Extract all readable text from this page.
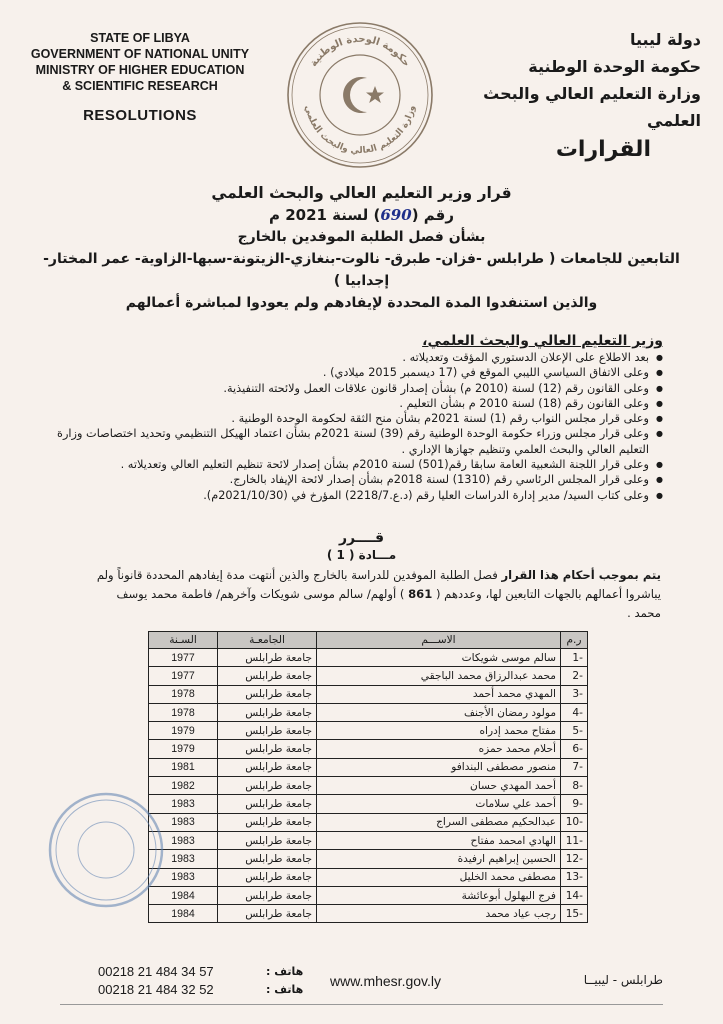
STATE OF LIBYA
GOVERNMENT OF NATIONAL UNITY
MINISTRY OF HIGHER EDUCATION
& SCIENTIFIC RESEARCH
RESOLUTIONS
حكومة الوحدة الوطنية
وزارة التعليم العالي والبحث العلمي
دولة ليبيا
حكومة الوحدة الوطنية
وزارة التعليم العالي والبحث العلمي
القرارات
قرار وزير التعليم العالي والبحث العلمي
رقم (690) لسنة 2021 م
بشأن فصل الطلبة الموفدين بالخارج
التابعين للجامعات ( طرابلس -فزان- طبرق- نالوت-بنغازي-الزيتونة-سبها-الزاوية- عمر المختار- إجدابيا )
والذين استنفدوا المدة المحددة لإيفادهم ولم يعودوا لمباشرة أعمالهم
وزير التعليم العالي والبحث العلمي،
● بعد الاطلاع على الإعلان الدستوري المؤقت وتعديلاته .
● وعلى الاتفاق السياسي الليبي الموقع في (17 ديسمبر 2015 ميلادي) .
● وعلى القانون رقم (12) لسنة (2010 م) بشأن إصدار قانون علاقات العمل ولائحته التنفيذية.
● وعلى القانون رقم (18) لسنة 2010 م بشأن التعليم .
● وعلى قرار مجلس النواب رقم (1) لسنة 2021م بشأن منح الثقة لحكومة الوحدة الوطنية .
● وعلى قرار مجلس وزراء حكومة الوحدة الوطنية رقم (39) لسنة 2021م بشأن اعتماد الهيكل التنظيمي وتحديد اختصاصات وزارة التعليم العالي والبحث العلمي وتنظيم جهازها الإداري .
● وعلى قرار اللجنة الشعبية العامة سابقا رقم(501) لسنة 2010م بشأن إصدار لائحة تنظيم التعليم العالي وتعديلاته .
● وعلى قرار المجلس الرئاسي رقم (1310) لسنة 2018م بشأن إصدار لائحة الإيفاد بالخارج.
● وعلى كتاب السيد/ مدير إدارة الدراسات العليا رقم (د.ع.2218/7) المؤرخ في (2021/10/30م).
قــــرر
مـــادة ( 1 )
يتم بموجب أحكام هذا القرار فصل الطلبة الموفدين للدراسة بالخارج والذين أنتهت مدة إيفادهم المحددة قانوناً ولم يباشروا أعمالهم بالجهات التابعين لها، وعددهم ( 861 ) أولهم/ سالم موسى شويكات وآخرهم/ فاطمة محمد يوسف محمد .
ر.م	الاســـم	الجامعـة	السـنة
-1	سالم موسى شويكات	جامعة طرابلس	1977
-2	محمد عبدالرزاق محمد الباجقي	جامعة طرابلس	1977
-3	المهدي محمد أحمد	جامعة طرابلس	1978
-4	مولود رمضان الأجنف	جامعة طرابلس	1978
-5	مفتاح محمد إدراه	جامعة طرابلس	1979
-6	أحلام محمد حمزه	جامعة طرابلس	1979
-7	منصور مصطفى البندافو	جامعة طرابلس	1981
-8	أحمد المهدي حسان	جامعة طرابلس	1982
-9	أحمد علي سلامات	جامعة طرابلس	1983
-10	عبدالحكيم مصطفى السراج	جامعة طرابلس	1983
-11	الهادي امحمد مفتاح	جامعة طرابلس	1983
-12	الحسين إبراهيم ارفيدة	جامعة طرابلس	1983
-13	مصطفى محمد الخليل	جامعة طرابلس	1983
-14	فرج البهلول أبوعائشة	جامعة طرابلس	1984
-15	رجب عياد محمد	جامعة طرابلس	1984
00218 21 484 34 57
00218 21 484 32 52
هاتف :
هاتف :
www.mhesr.gov.ly	طرابلس - ليبيــا
